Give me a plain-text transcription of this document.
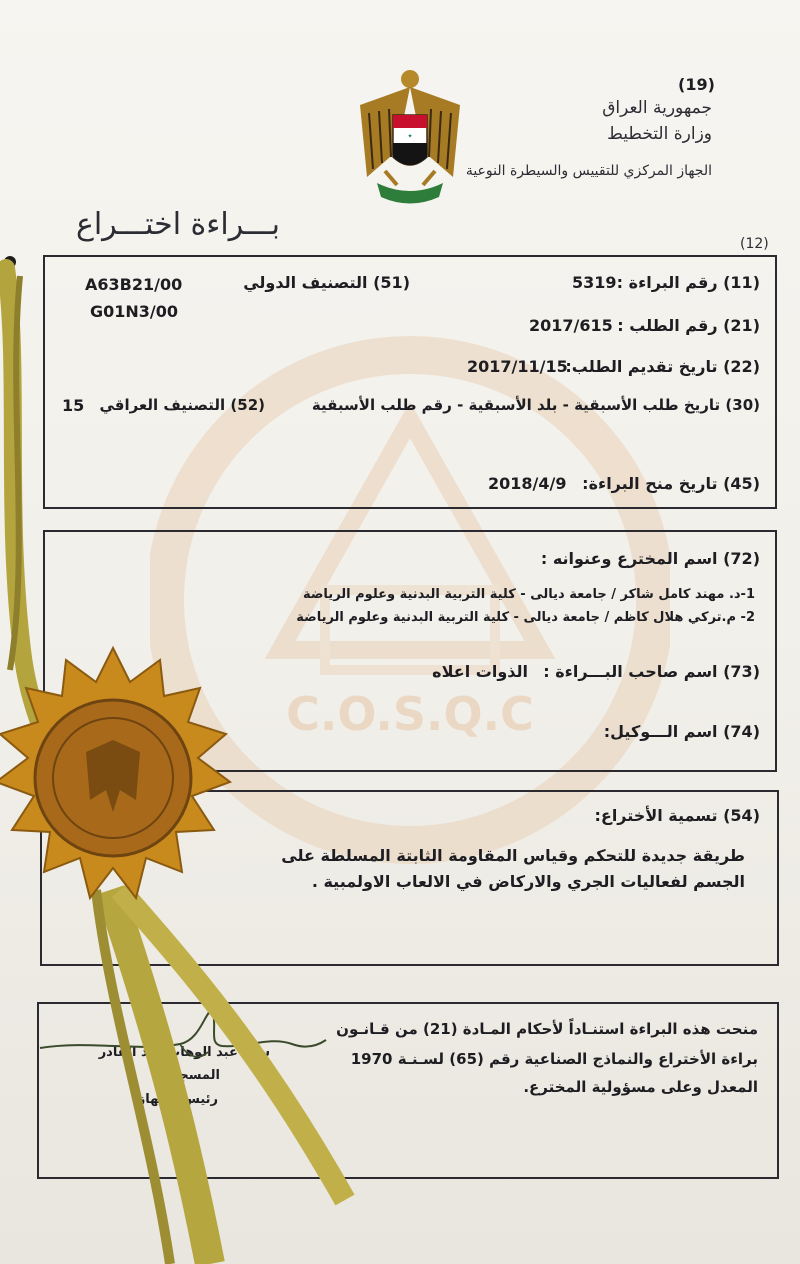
C.O.S.Q.C
✦
(19)
جمهورية العراق
وزارة التخطيط
الجهاز المركزي للتقييس والسيطرة النوعية
بـــراءة اختـــراع
(12)
(11) رقم البراءة :
5319
(51) التصنيف الدولي
A63B21/00
G01N3/00
(21) رقم الطلب :
2017/615
(22) تاريخ تقديم الطلب:
2017/11/15
(30) تاريخ طلب الأسبقية - بلد الأسبقية - رقم طلب الأسبقية
(52) التصنيف العراقي
15
(45) تاريخ منح البراءة:
2018/4/9
(72) اسم المخترع وعنوانه :
1-د. مهند كامل شاكر / جامعة ديالى - كلية التربية البدنية وعلوم الرياضة
2- م.تركي هلال كاظم / جامعة ديالى - كلية التربية البدنية وعلوم الرياضة
(73) اسم صاحب البـــراءة :
الذوات اعلاه
(74) اسم الـــوكيل:
(54) تسمية الأختراع:
طريقة جديدة للتحكم وقياس المقاومة الثابتة المسلطة على
الجسم لفعاليات الجري والاركاض في الالعاب الاولمبية .
منحت هذه البراءة استنـاداً لأحكام المـادة (21) من قـانـون
براءة الأختراع والنماذج الصناعية رقم (65) لسـنـة 1970
المعدل وعلى مسؤولية المخترع.
سعد عبد الوهاب عبد القادر
المسجل
رئيس الجهاز
